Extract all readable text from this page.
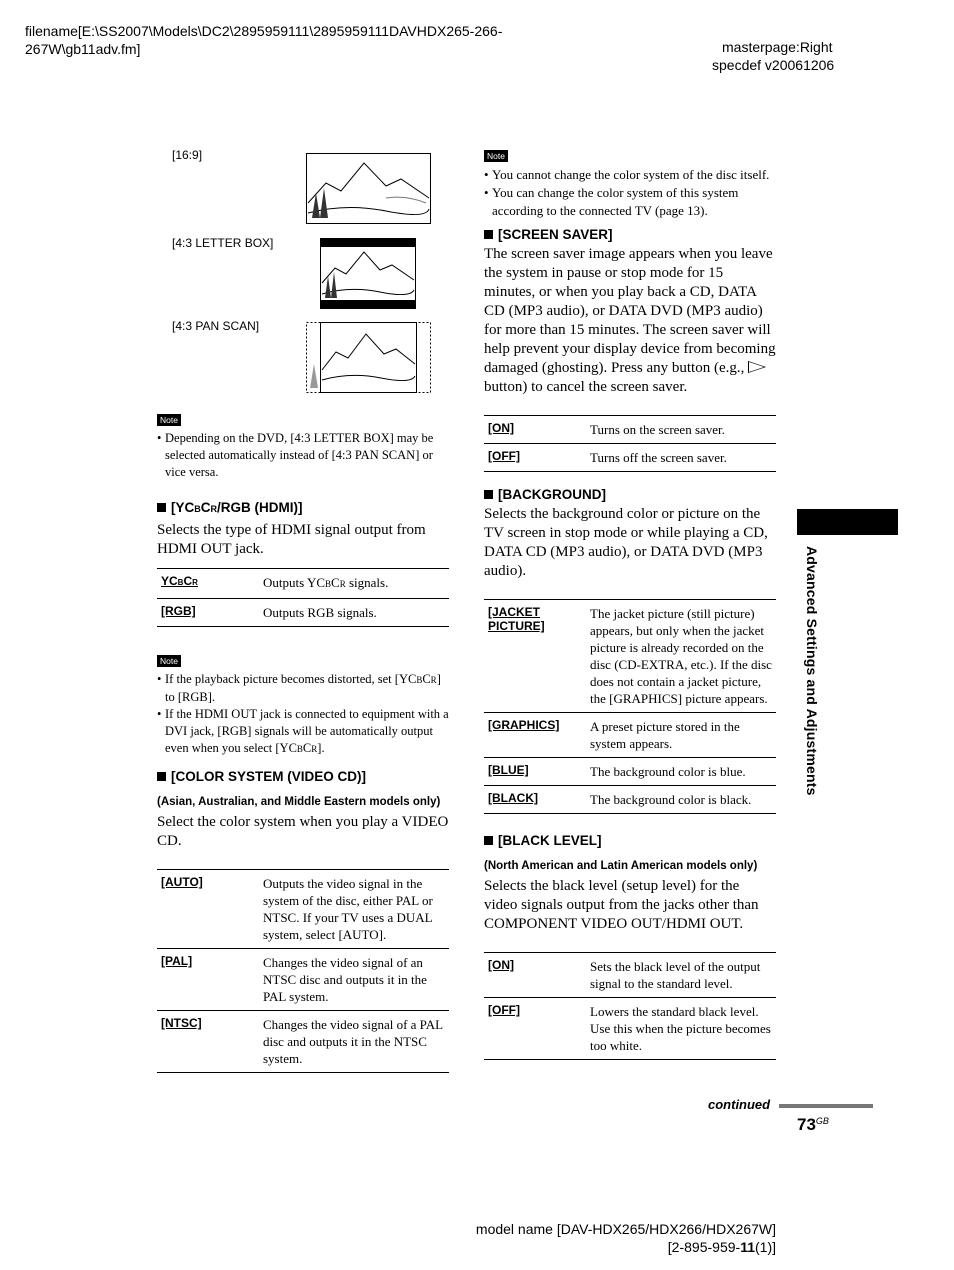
filename[E:\SS2007\Models\DC2\2895959111\2895959111DAVHDX265-266-
267W\gb11adv.fm]	masterpage:Right
specdef v20061206
[16:9]
[4:3 LETTER BOX]
[4:3 PAN SCAN]
Note
• Depending on the DVD, [4:3 LETTER BOX] may be selected automatically instead of [4:3 PAN SCAN] or vice versa.
[YCBCR/RGB (HDMI)]
Selects the type of HDMI signal output from HDMI OUT jack.
YCBCR	Outputs YCBCR signals.
[RGB]	Outputs RGB signals.
Note
• If the playback picture becomes distorted, set [YCBCR] to [RGB].
• If the HDMI OUT jack is connected to equipment with a DVI jack, [RGB] signals will be automatically output even when you select [YCBCR].
[COLOR SYSTEM (VIDEO CD)]
(Asian, Australian, and Middle Eastern models only)
Select the color system when you play a VIDEO CD.
[AUTO]	Outputs the video signal in the system of the disc, either PAL or NTSC. If your TV uses a DUAL system, select [AUTO].
[PAL]	Changes the video signal of an NTSC disc and outputs it in the PAL system.
[NTSC]	Changes the video signal of a PAL disc and outputs it in the NTSC system.
Note
• You cannot change the color system of the disc itself.
• You can change the color system of this system according to the connected TV (page 13).
[SCREEN SAVER]
The screen saver image appears when you leave the system in pause or stop mode for 15 minutes, or when you play back a CD, DATA CD (MP3 audio), or DATA DVD (MP3 audio) for more than 15 minutes. The screen saver will help prevent your display device from becoming damaged (ghosting). Press any button (e.g.,

button) to cancel the screen saver.
[ON]	Turns on the screen saver.
[OFF]	Turns off the screen saver.
[BACKGROUND]
Selects the background color or picture on the TV screen in stop mode or while playing a CD, DATA CD (MP3 audio), or DATA DVD (MP3 audio).
[JACKET PICTURE]	The jacket picture (still picture) appears, but only when the jacket picture is already recorded on the disc (CD-EXTRA, etc.). If the disc does not contain a jacket picture, the [GRAPHICS] picture appears.
[GRAPHICS]	A preset picture stored in the system appears.
[BLUE]	The background color is blue.
[BLACK]	The background color is black.
[BLACK LEVEL]
(North American and Latin American models only)
Selects the black level (setup level) for the video signals output from the jacks other than COMPONENT VIDEO OUT/HDMI OUT.
[ON]	Sets the black level of the output signal to the standard level.
[OFF]	Lowers the standard black level. Use this when the picture becomes too white.
Advanced Settings and Adjustments
continued
$73^{GB}$
model name [DAV-HDX265/HDX266/HDX267W]
[2-895-959-11(1)]
